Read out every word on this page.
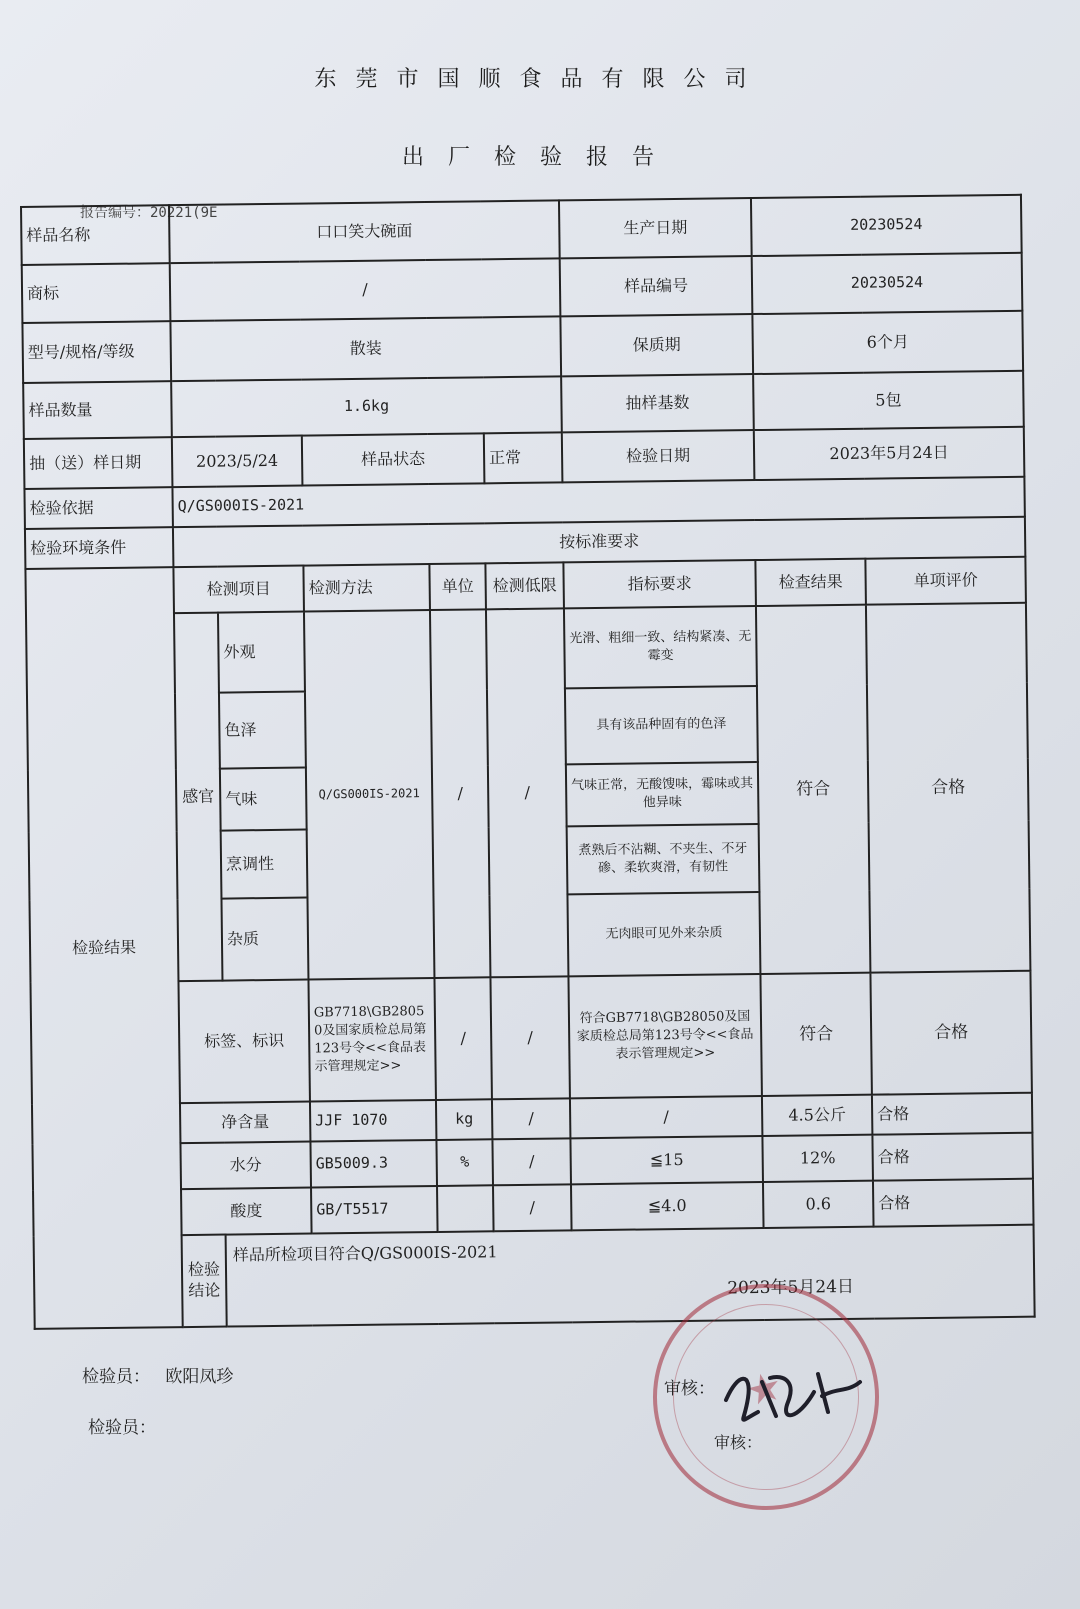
东莞市国顺食品有限公司
出厂检验报告
报告编号：20221(9E
样品名称	口口笑大碗面					生产日期	20230524	
商标	/					样品编号	20230524	
型号/规格/等级	散装					保质期	6个月	
样品数量	1.6kg					抽样基数	5包	
抽（送）样日期	2023/5/24		样品状态		正常	检验日期	2023年5月24日	
检验依据	Q/GS000IS-2021							
检验环境条件	按标准要求							
检验结果	检测项目		检测方法	单位	检测低限	指标要求	检查结果	单项评价
	感官	外观	Q/GS000IS-2021	/	/	光滑、粗细一致、结构紧凑、无霉变	符合	合格
		色泽				具有该品种固有的色泽		
		气味				气味正常，无酸馊味，霉味或其他异味		
		烹调性				煮熟后不沾糊、不夹生、不牙碜、柔软爽滑，有韧性		
		杂质				无肉眼可见外来杂质		
	标签、标识		GB7718\GB28050及国家质检总局第123号令<<食品表示管理规定>>	/	/	符合GB7718\GB28050及国家质检总局第123号令<<食品表示管理规定>>	符合	合格
	净含量		JJF 1070	kg	/	/	4.5公斤	合格
	水分		GB5009.3	%	/	≦15	12%	合格
	酸度		GB/T5517		/	≦4.0	0.6	合格
	检验结论	样品所检项目符合Q/GS000IS-2021
2023年5月24日						
★
检验员： 欧阳凤珍
检验员：
审核：
审核：
